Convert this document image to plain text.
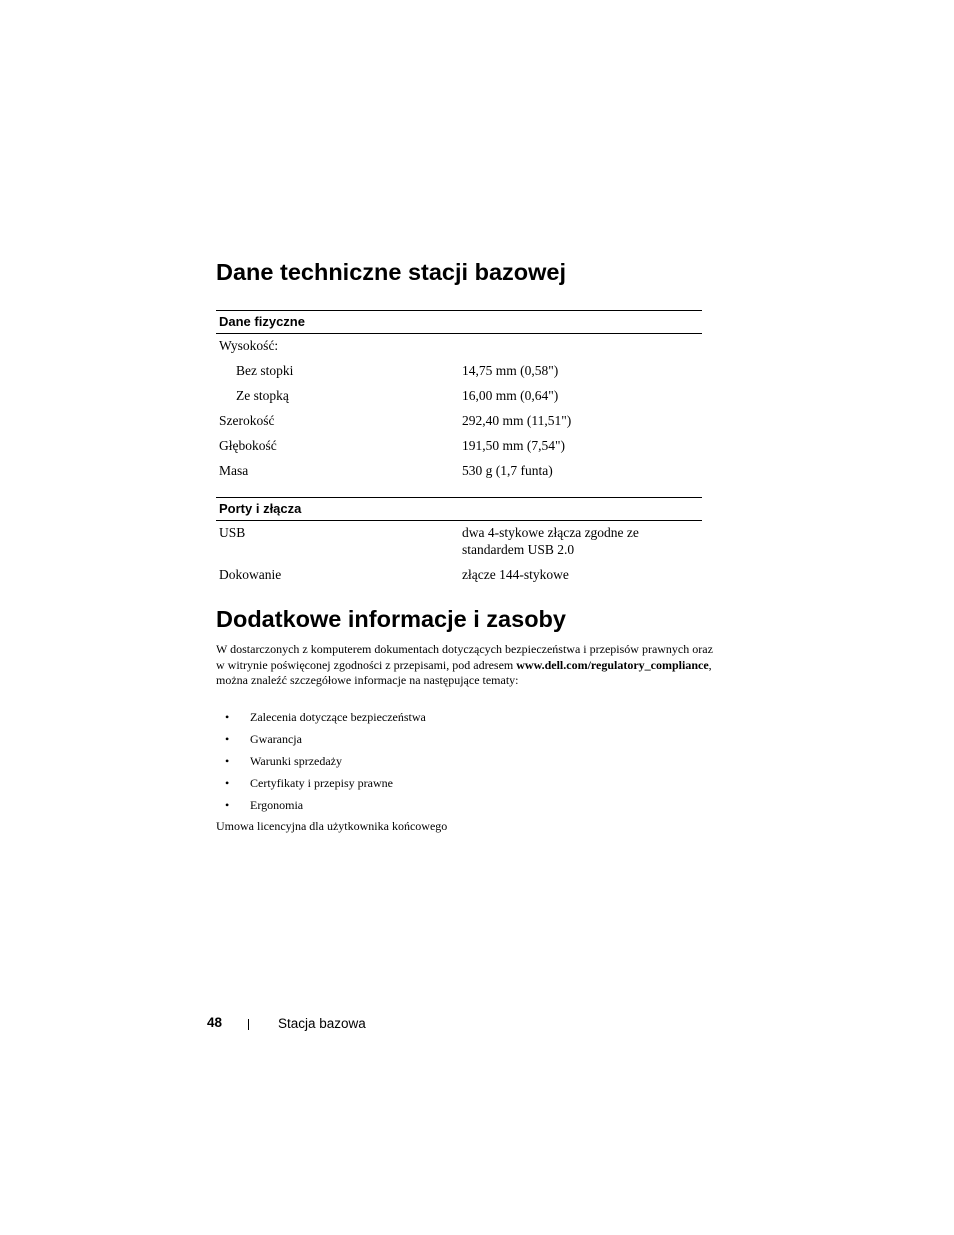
Dane techniczne stacji bazowej
Dane fizyczne
Wysokość:
Bez stopki	14,75 mm (0,58")
Ze stopką	16,00 mm (0,64")
Szerokość	292,40 mm (11,51")
Głębokość	191,50 mm (7,54")
Masa	530 g (1,7 funta)
Porty i złącza
USB	dwa 4-stykowe złącza zgodne ze standardem USB 2.0
Dokowanie	złącze 144-stykowe
Dodatkowe informacje i zasoby

W dostarczonych z komputerem dokumentach dotyczących bezpieczeństwa i przepisów prawnych oraz w witrynie poświęconej zgodności z przepisami, pod adresem www.dell.com/regulatory_compliance, można znaleźć szczegółowe informacje na następujące tematy:

• Zalecenia dotyczące bezpieczeństwa
• Gwarancja
• Warunki sprzedaży
• Certyfikaty i przepisy prawne
• Ergonomia
Umowa licencyjna dla użytkownika końcowego
48	Stacja bazowa
